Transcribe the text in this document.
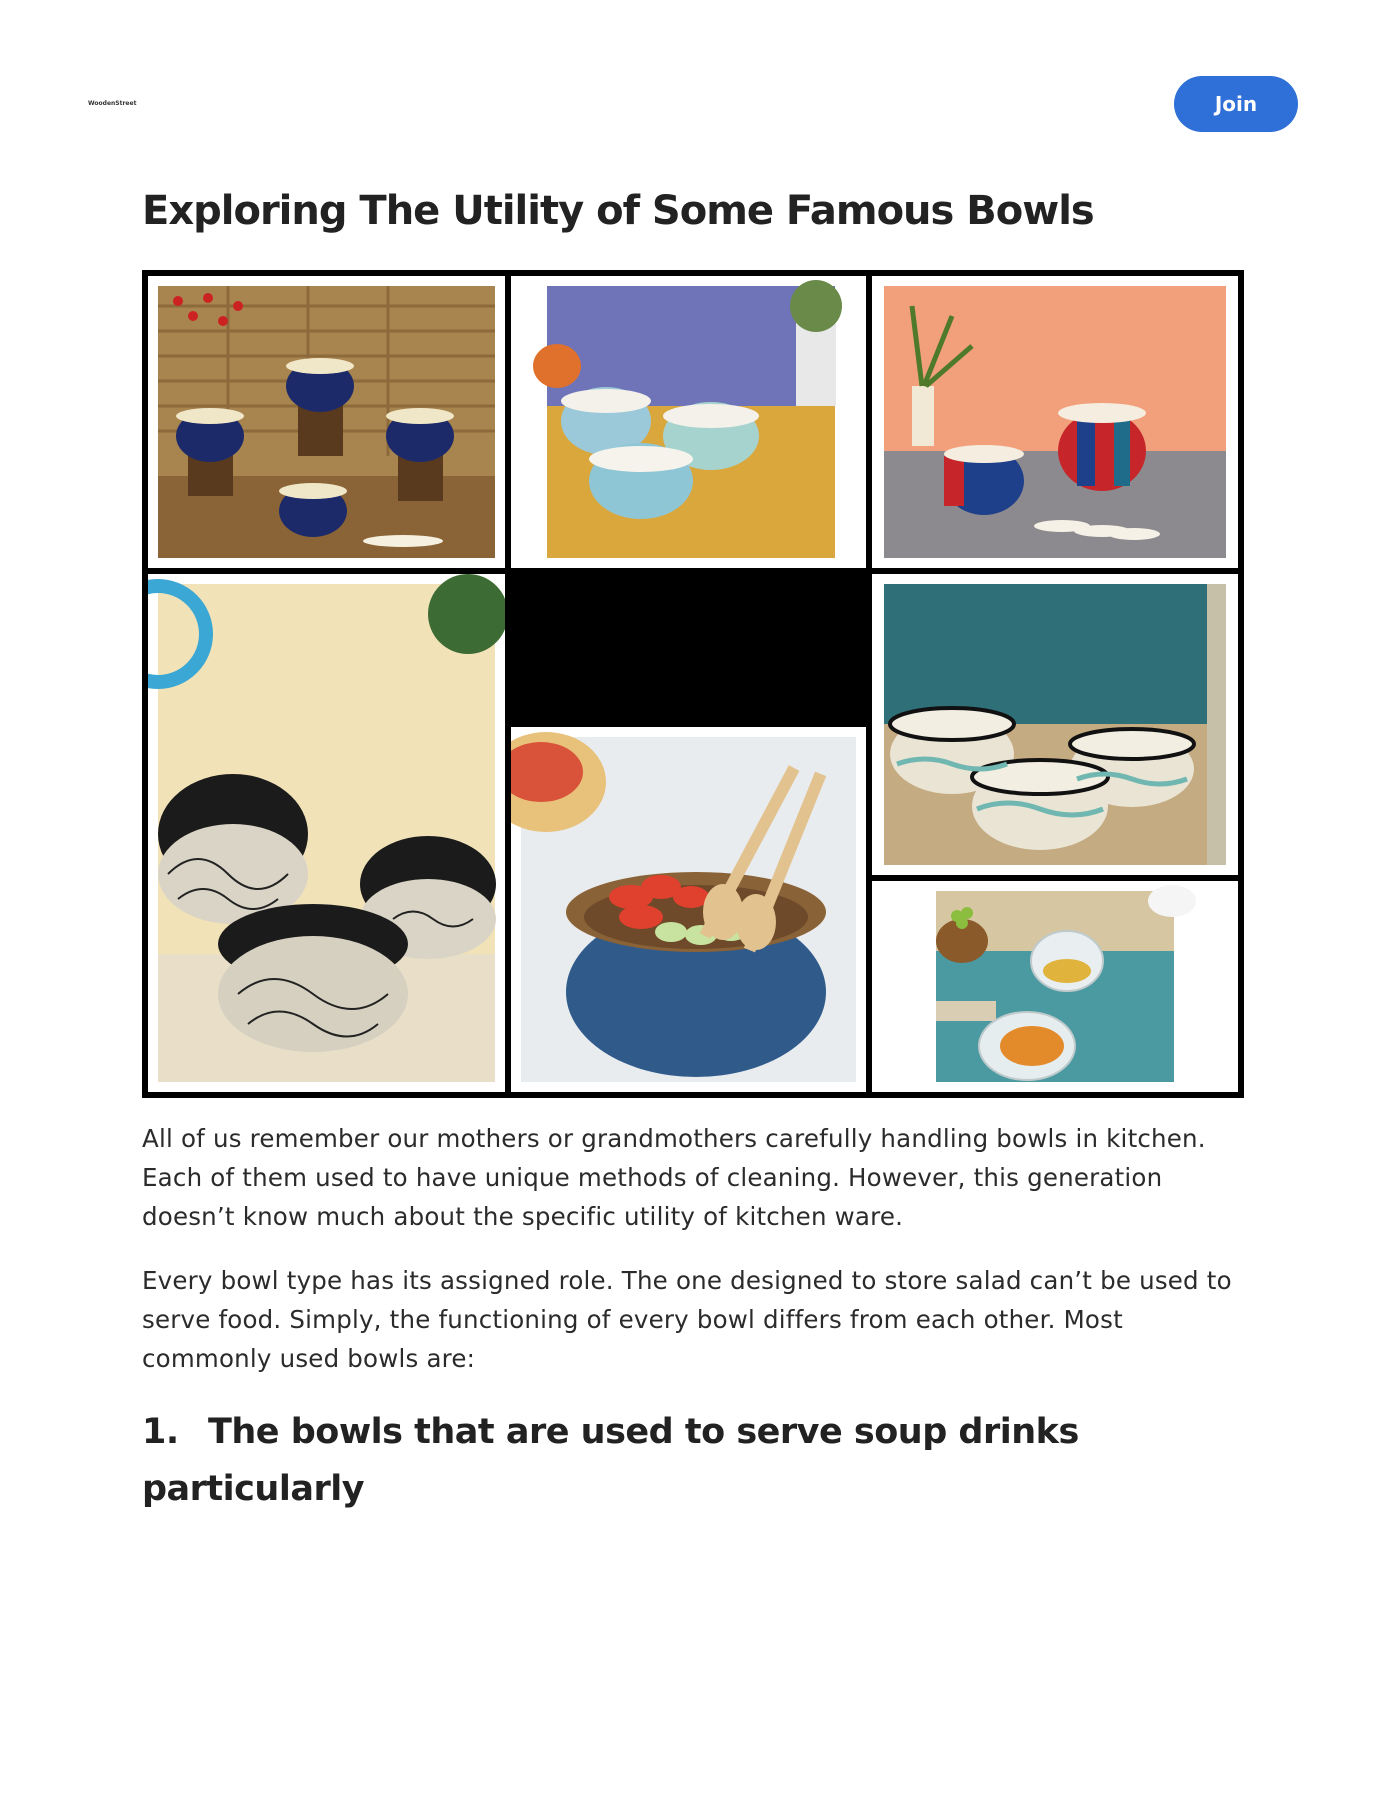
WoodenStreet	Join
Exploring The Utility of Some Famous Bowls

All of us remember our mothers or grandmothers carefully handling bowls in kitchen. Each of them used to have unique methods of cleaning. However, this generation doesn’t know much about the specific utility of kitchen ware.

Every bowl type has its assigned role. The one designed to store salad can’t be used to serve food. Simply, the functioning of every bowl differs from each other. Most commonly used bowls are:

1. The bowls that are used to serve soup drinks particularly
